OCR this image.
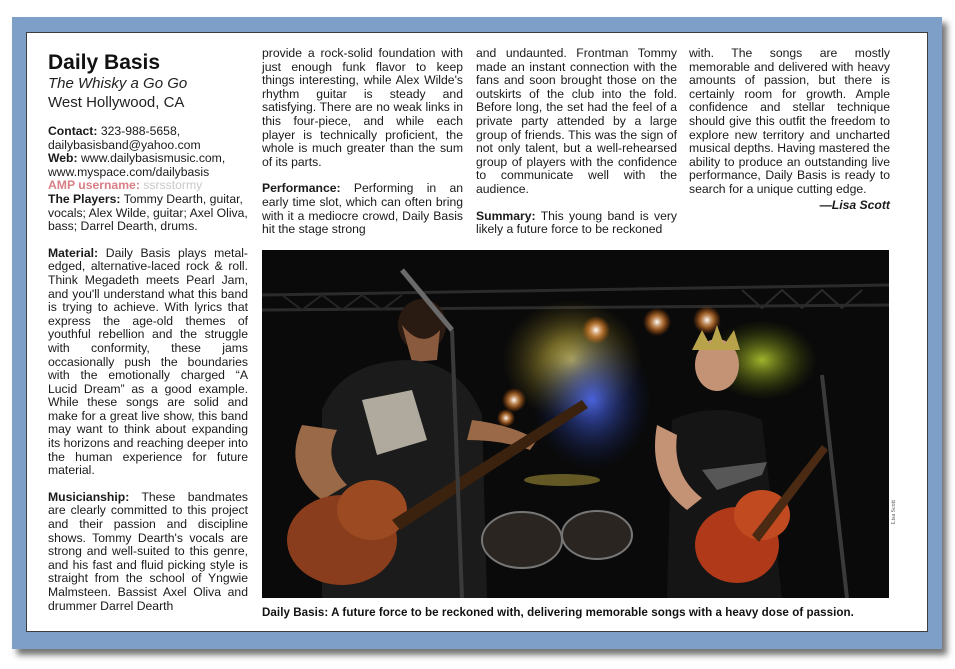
Daily Basis
The Whisky a Go Go
West Hollywood, CA
Contact: 323-988-5658,
dailybasisband@yahoo.com
Web: www.dailybasismusic.com,
www.myspace.com/dailybasis
AMP username: ssrsstormy

The Players: Tommy Dearth, guitar, vocals; Alex Wilde, guitar; Axel Oliva, bass; Darrel Dearth, drums.

Material: Daily Basis plays metal-edged, alternative-laced rock & roll. Think Megadeth meets Pearl Jam, and you'll understand what this band is trying to achieve. With lyrics that express the age-old themes of youthful rebellion and the struggle with conformity, these jams occasionally push the boundaries with the emotionally charged “A Lucid Dream” as a good example. While these songs are solid and make for a great live show, this band may want to think about expanding its horizons and reaching deeper into the human experience for future material.

Musicianship: These bandmates are clearly committed to this project and their passion and discipline shows. Tommy Dearth's vocals are strong and well-suited to this genre, and his fast and fluid picking style is straight from the school of Yngwie Malmsteen. Bassist Axel Oliva and drummer Darrel Dearth

provide a rock-solid foundation with just enough funk flavor to keep things interesting, while Alex Wilde's rhythm guitar is steady and satisfying. There are no weak links in this four-piece, and while each player is technically proficient, the whole is much greater than the sum of its parts.

Performance: Performing in an early time slot, which can often bring with it a mediocre crowd, Daily Basis hit the stage strong

and undaunted. Frontman Tommy made an instant connection with the fans and soon brought those on the outskirts of the club into the fold. Before long, the set had the feel of a private party attended by a large group of friends. This was the sign of not only talent, but a well-rehearsed group of players with the confidence to communicate well with the audience.

Summary: This young band is very likely a future force to be reckoned

with. The songs are mostly memorable and delivered with heavy amounts of passion, but there is certainly room for growth. Ample confidence and stellar technique should give this outfit the freedom to explore new territory and uncharted musical depths. Having mastered the ability to produce an outstanding live performance, Daily Basis is ready to search for a unique cutting edge.

—Lisa Scott
Lisa Scott
Daily Basis: A future force to be reckoned with, delivering memorable songs with a heavy dose of passion.
